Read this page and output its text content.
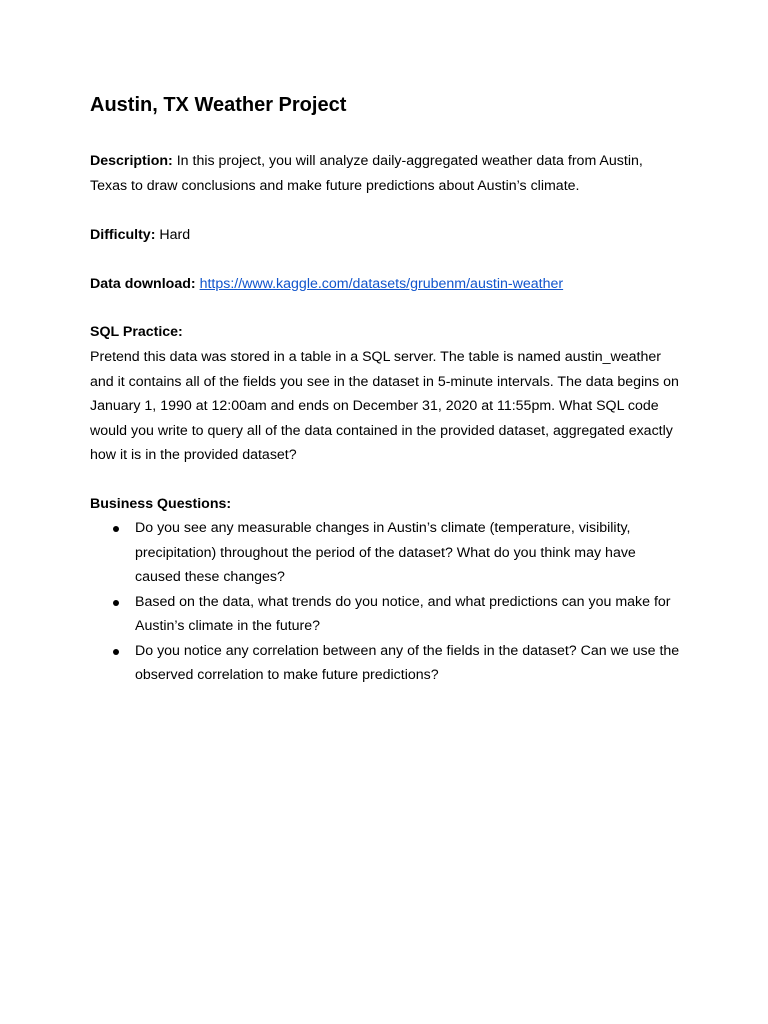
Austin, TX Weather Project

Description: In this project, you will analyze daily-aggregated weather data from Austin, Texas to draw conclusions and make future predictions about Austin’s climate.

Difficulty: Hard

Data download: https://www.kaggle.com/datasets/grubenm/austin-weather

SQL Practice:

Pretend this data was stored in a table in a SQL server. The table is named austin_weather and it contains all of the fields you see in the dataset in 5-minute intervals. The data begins on January 1, 1990 at 12:00am and ends on December 31, 2020 at 11:55pm. What SQL code would you write to query all of the data contained in the provided dataset, aggregated exactly how it is in the provided dataset?

Business Questions:

Do you see any measurable changes in Austin’s climate (temperature, visibility, precipitation) throughout the period of the dataset? What do you think may have caused these changes?
Based on the data, what trends do you notice, and what predictions can you make for Austin’s climate in the future?
Do you notice any correlation between any of the fields in the dataset? Can we use the observed correlation to make future predictions?
